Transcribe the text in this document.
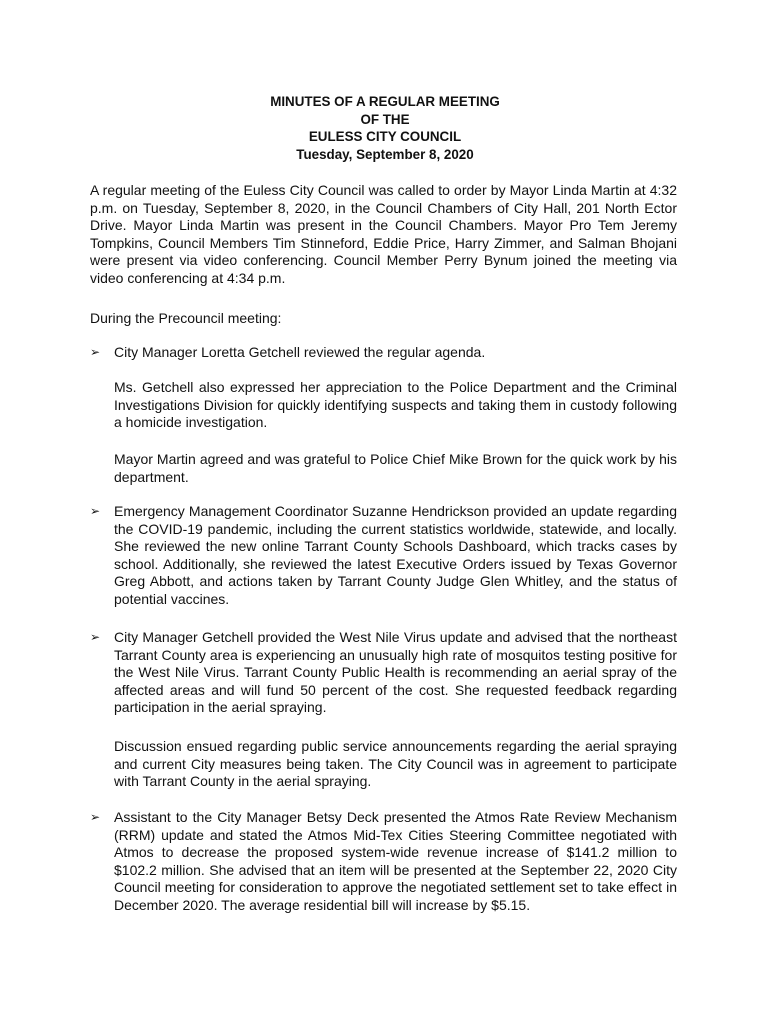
MINUTES OF A REGULAR MEETING
OF THE
EULESS CITY COUNCIL
Tuesday, September 8, 2020

A regular meeting of the Euless City Council was called to order by Mayor Linda Martin at 4:32 p.m. on Tuesday, September 8, 2020, in the Council Chambers of City Hall, 201 North Ector Drive. Mayor Linda Martin was present in the Council Chambers. Mayor Pro Tem Jeremy Tompkins, Council Members Tim Stinneford, Eddie Price, Harry Zimmer, and Salman Bhojani were present via video conferencing. Council Member Perry Bynum joined the meeting via video conferencing at 4:34 p.m.

During the Precouncil meeting:

➢ City Manager Loretta Getchell reviewed the regular agenda.

Ms. Getchell also expressed her appreciation to the Police Department and the Criminal Investigations Division for quickly identifying suspects and taking them in custody following a homicide investigation.

Mayor Martin agreed and was grateful to Police Chief Mike Brown for the quick work by his department.

➢ Emergency Management Coordinator Suzanne Hendrickson provided an update regarding the COVID-19 pandemic, including the current statistics worldwide, statewide, and locally. She reviewed the new online Tarrant County Schools Dashboard, which tracks cases by school. Additionally, she reviewed the latest Executive Orders issued by Texas Governor Greg Abbott, and actions taken by Tarrant County Judge Glen Whitley, and the status of potential vaccines.
➢ City Manager Getchell provided the West Nile Virus update and advised that the northeast Tarrant County area is experiencing an unusually high rate of mosquitos testing positive for the West Nile Virus. Tarrant County Public Health is recommending an aerial spray of the affected areas and will fund 50 percent of the cost. She requested feedback regarding participation in the aerial spraying.

Discussion ensued regarding public service announcements regarding the aerial spraying and current City measures being taken. The City Council was in agreement to participate with Tarrant County in the aerial spraying.

➢ Assistant to the City Manager Betsy Deck presented the Atmos Rate Review Mechanism (RRM) update and stated the Atmos Mid-Tex Cities Steering Committee negotiated with Atmos to decrease the proposed system-wide revenue increase of $141.2 million to $102.2 million. She advised that an item will be presented at the September 22, 2020 City Council meeting for consideration to approve the negotiated settlement set to take effect in December 2020. The average residential bill will increase by $5.15.
